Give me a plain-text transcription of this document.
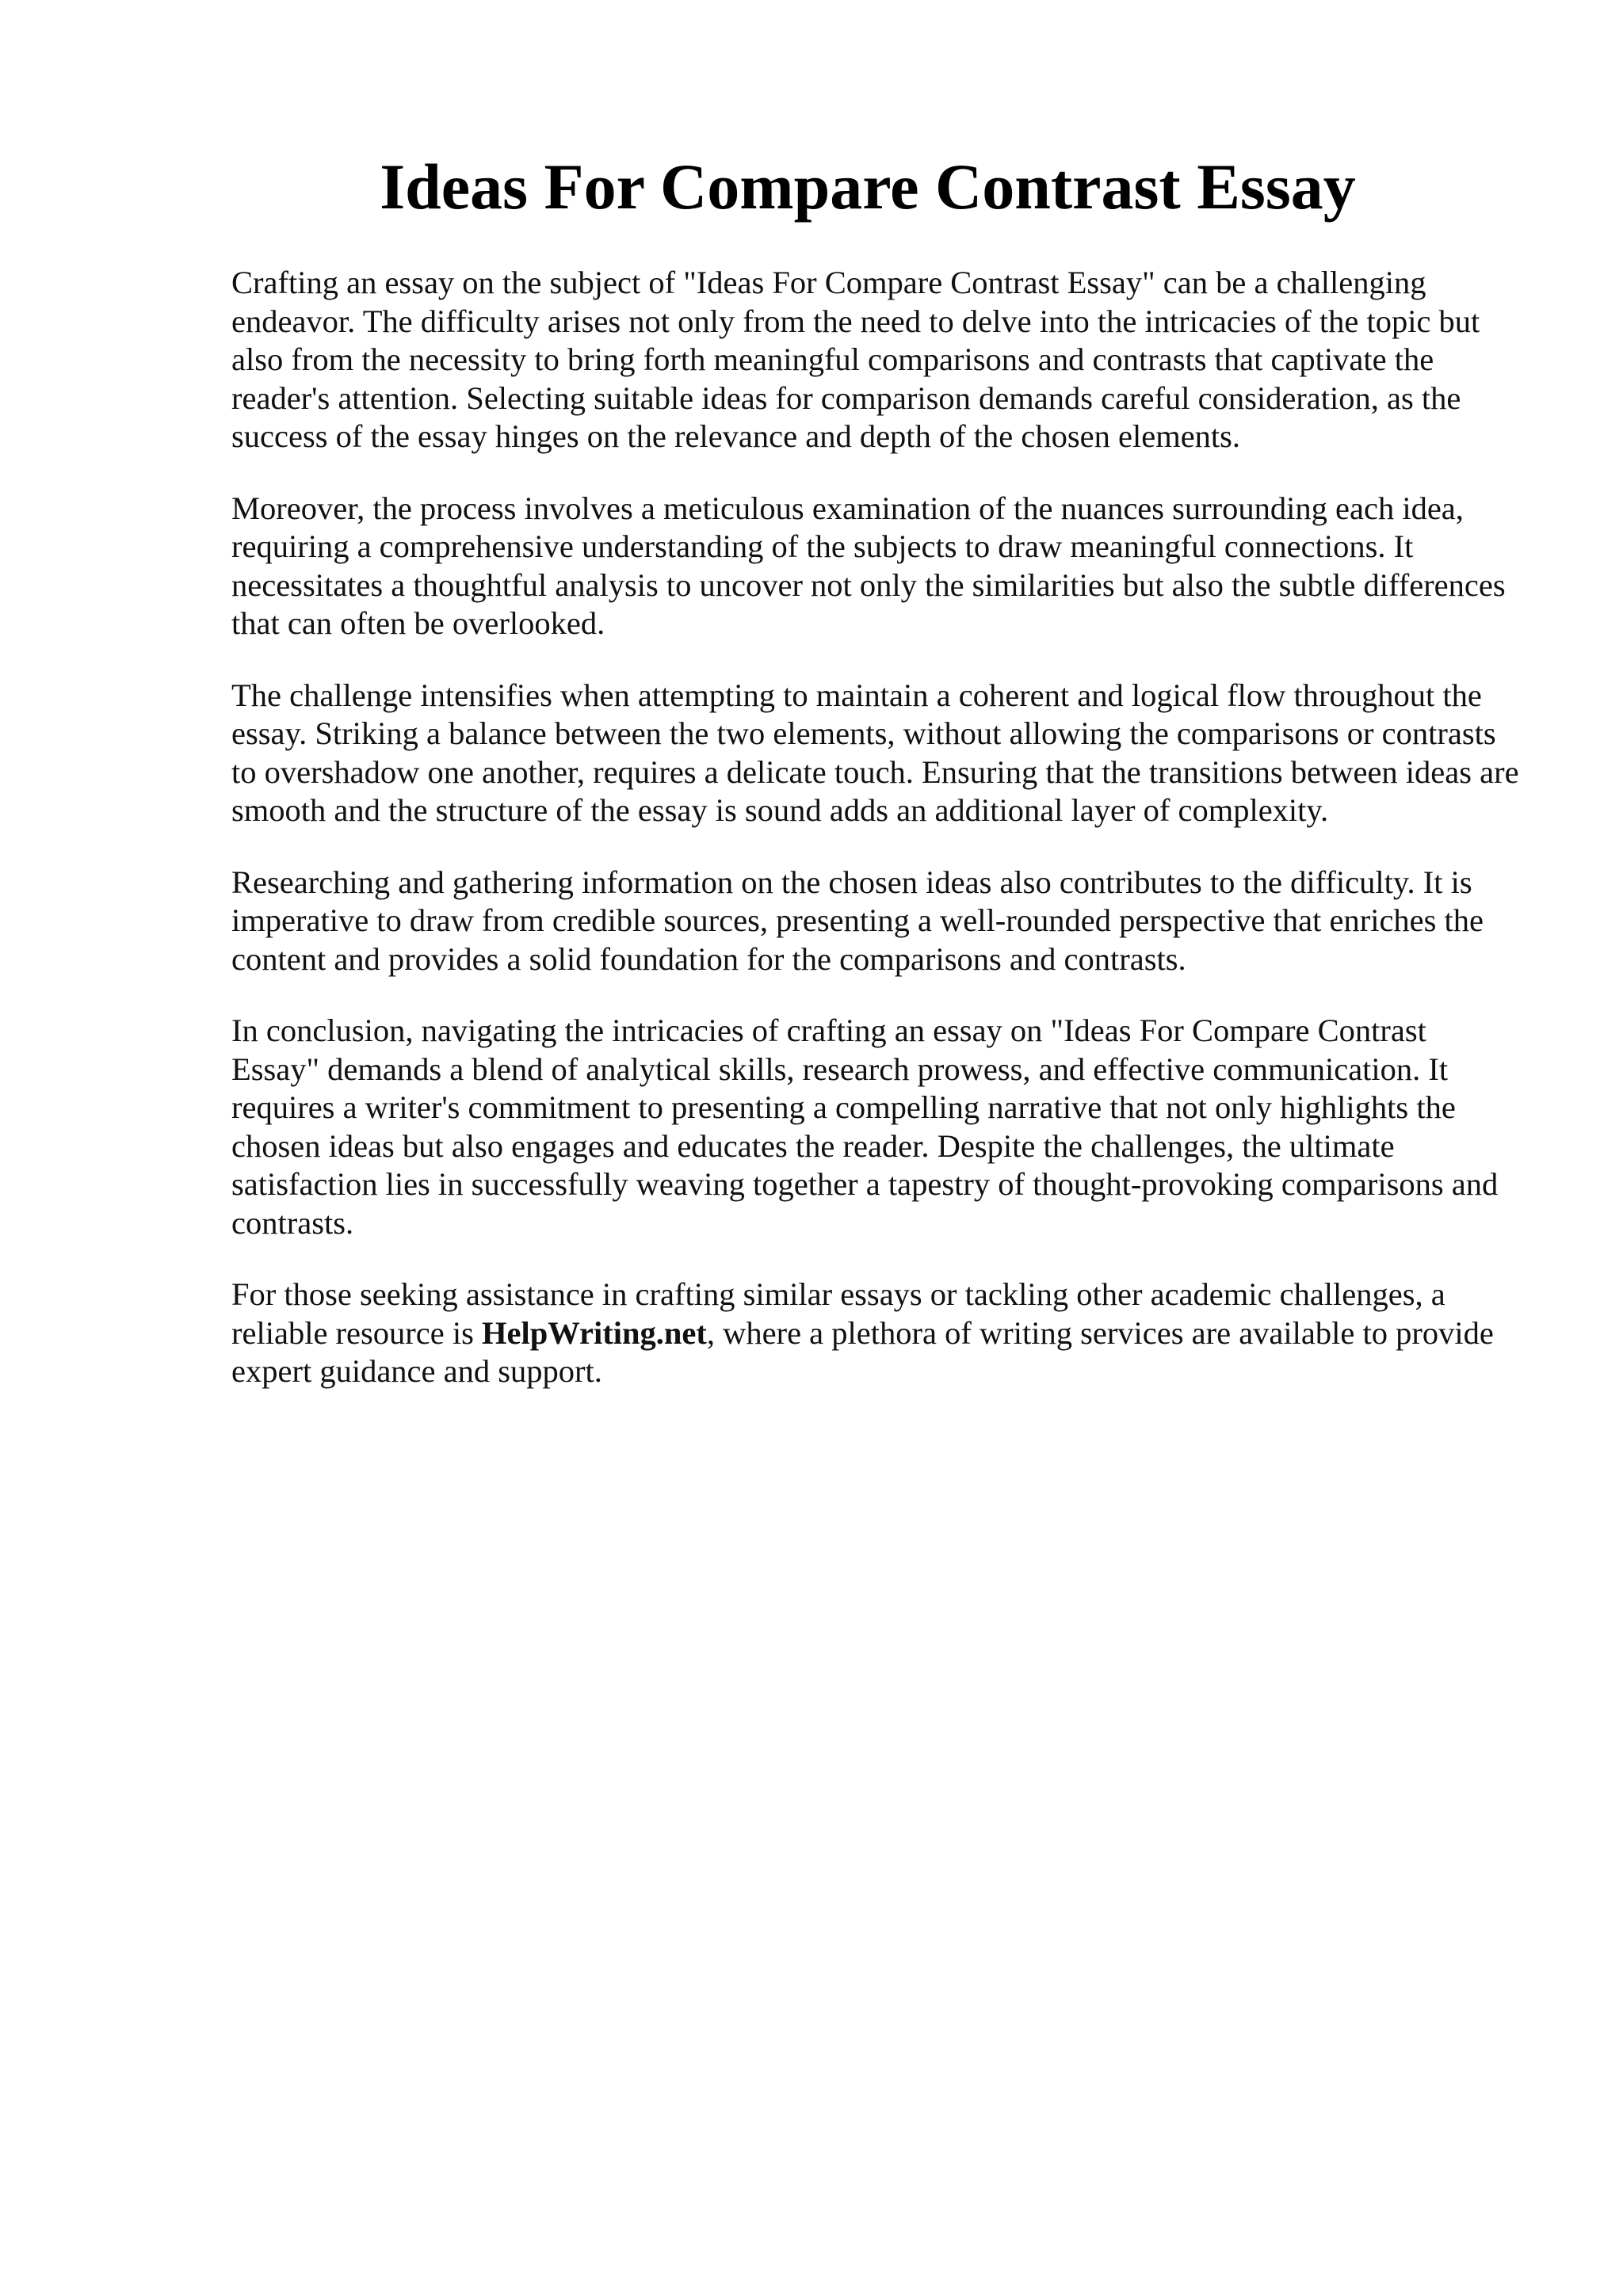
Ideas For Compare Contrast Essay

Crafting an essay on the subject of "Ideas For Compare Contrast Essay" can be a challenging endeavor. The difficulty arises not only from the need to delve into the intricacies of the topic but also from the necessity to bring forth meaningful comparisons and contrasts that captivate the reader's attention. Selecting suitable ideas for comparison demands careful consideration, as the success of the essay hinges on the relevance and depth of the chosen elements.

Moreover, the process involves a meticulous examination of the nuances surrounding each idea, requiring a comprehensive understanding of the subjects to draw meaningful connections. It necessitates a thoughtful analysis to uncover not only the similarities but also the subtle differences that can often be overlooked.

The challenge intensifies when attempting to maintain a coherent and logical flow throughout the essay. Striking a balance between the two elements, without allowing the comparisons or contrasts to overshadow one another, requires a delicate touch. Ensuring that the transitions between ideas are smooth and the structure of the essay is sound adds an additional layer of complexity.

Researching and gathering information on the chosen ideas also contributes to the difficulty. It is imperative to draw from credible sources, presenting a well-rounded perspective that enriches the content and provides a solid foundation for the comparisons and contrasts.

In conclusion, navigating the intricacies of crafting an essay on "Ideas For Compare Contrast Essay" demands a blend of analytical skills, research prowess, and effective communication. It requires a writer's commitment to presenting a compelling narrative that not only highlights the chosen ideas but also engages and educates the reader. Despite the challenges, the ultimate satisfaction lies in successfully weaving together a tapestry of thought-provoking comparisons and contrasts.

For those seeking assistance in crafting similar essays or tackling other academic challenges, a reliable resource is HelpWriting.net, where a plethora of writing services are available to provide expert guidance and support.
